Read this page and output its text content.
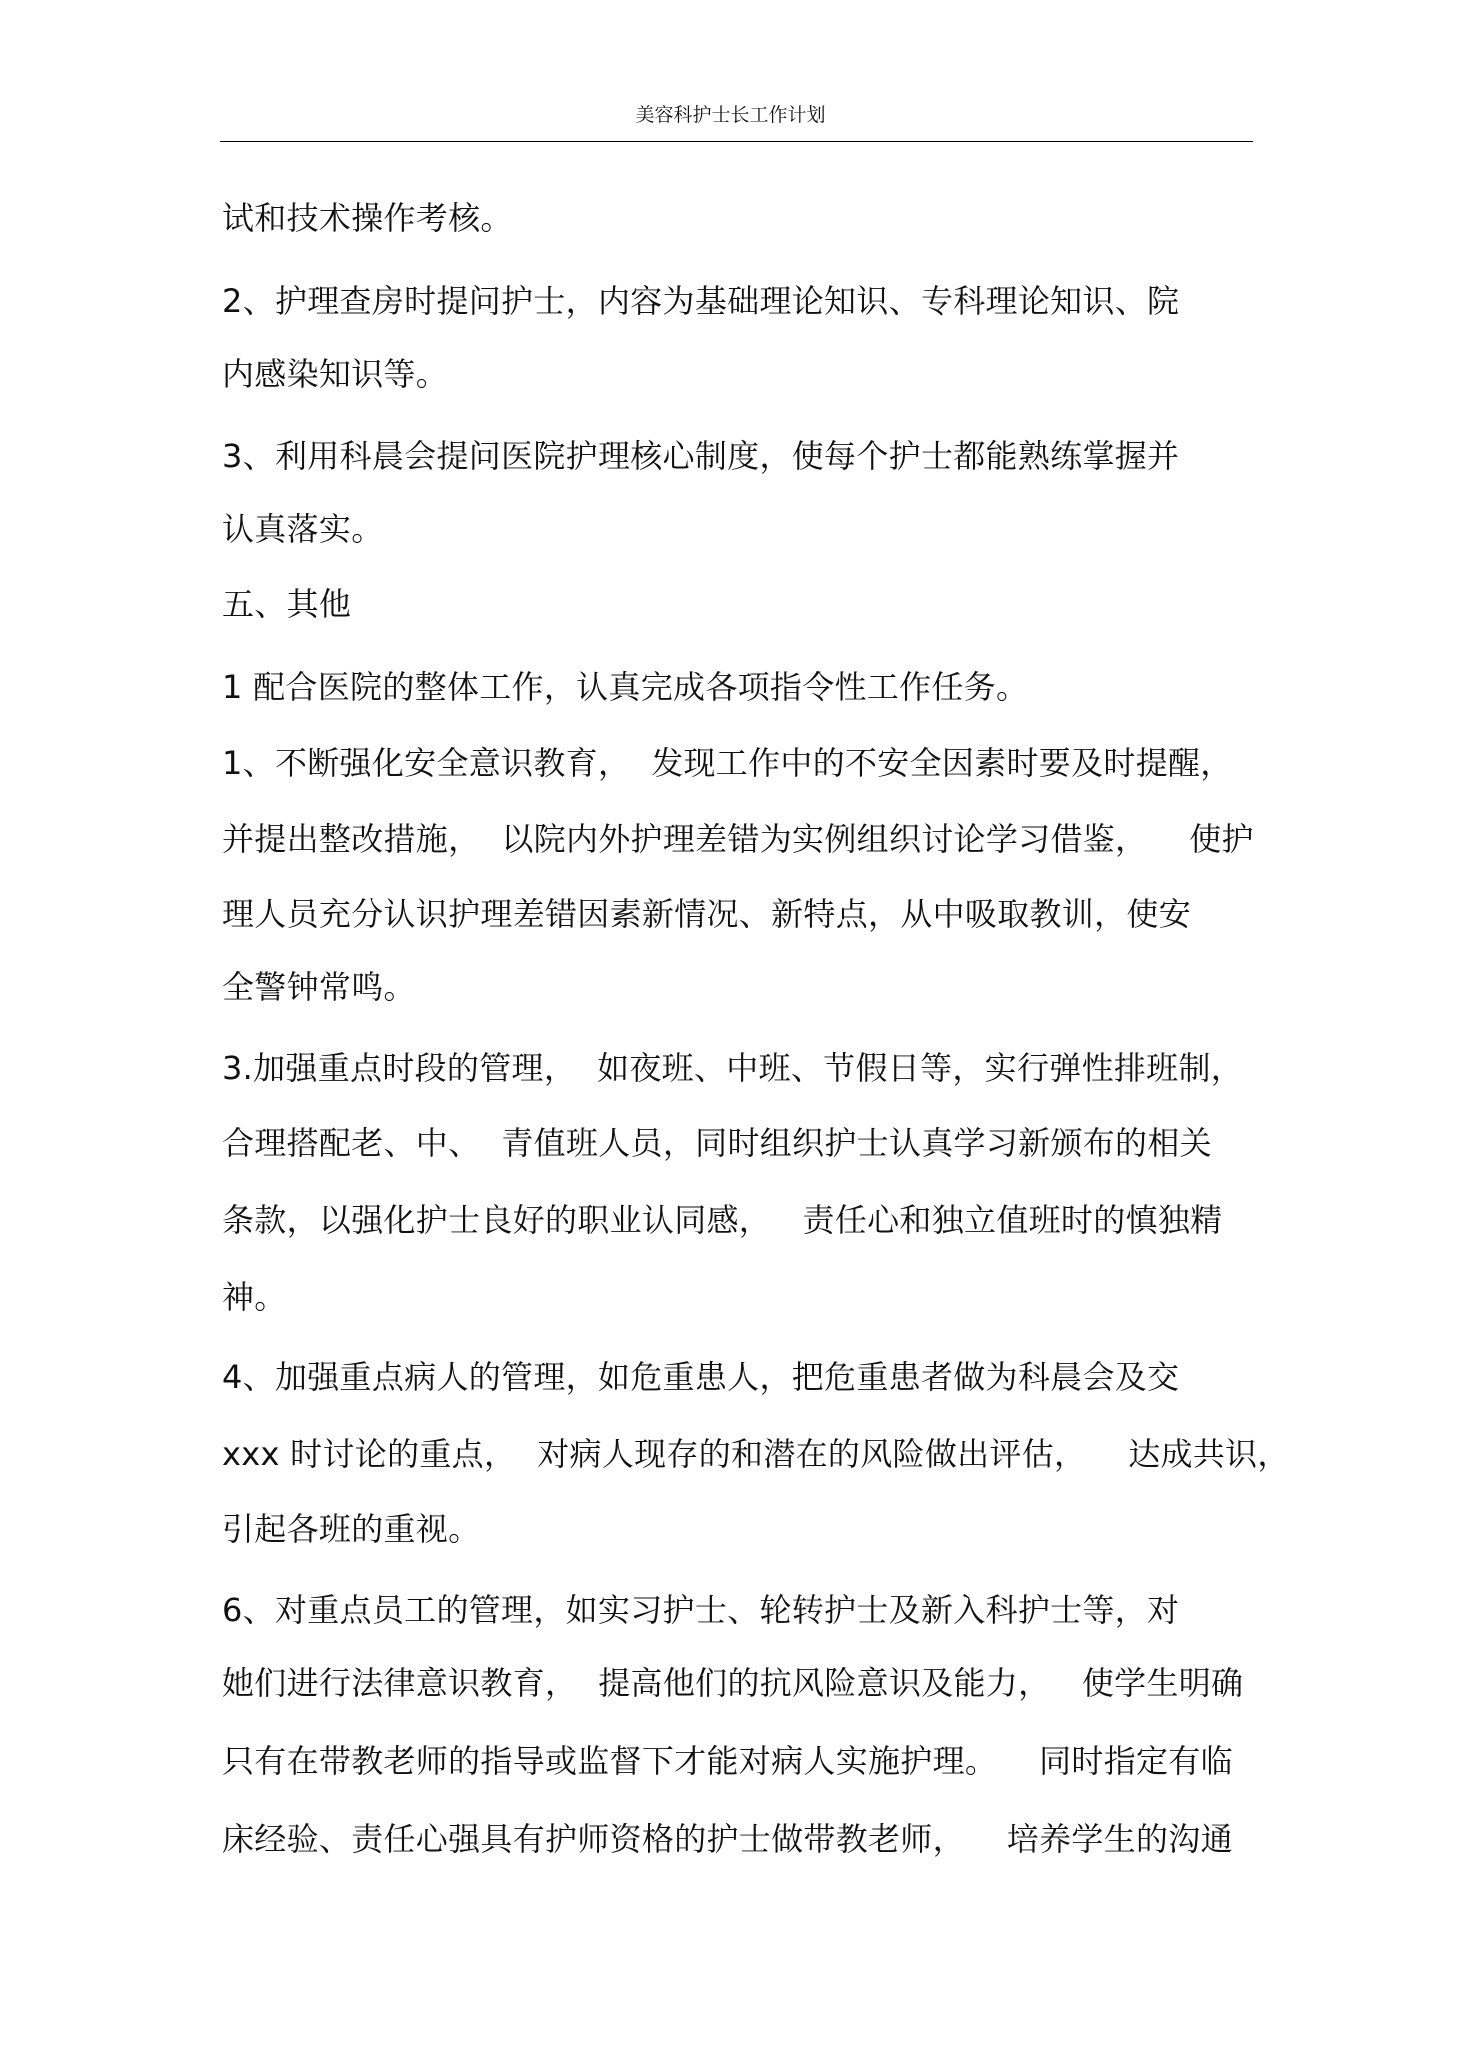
美容科护士长工作计划
试和技术操作考核。
2、护理查房时提问护士，内容为基础理论知识、专科理论知识、院
内感染知识等。
3、利用科晨会提问医院护理核心制度，使每个护士都能熟练掌握并
认真落实。
五、其他
1 配合医院的整体工作，认真完成各项指令性工作任务。
1、不断强化安全意识教育，  发现工作中的不安全因素时要及时提醒，
并提出整改措施，  以院内外护理差错为实例组织讨论学习借鉴，    使护
理人员充分认识护理差错因素新情况、新特点，从中吸取教训，使安
全警钟常鸣。
3.加强重点时段的管理，  如夜班、中班、节假日等，实行弹性排班制，
合理搭配老、中、  青值班人员，同时组织护士认真学习新颁布的相关
条款，以强化护士良好的职业认同感，   责任心和独立值班时的慎独精
神。
4、加强重点病人的管理，如危重患人，把危重患者做为科晨会及交
xxx 时讨论的重点，  对病人现存的和潜在的风险做出评估，    达成共识，
引起各班的重视。
6、对重点员工的管理，如实习护士、轮转护士及新入科护士等，对
她们进行法律意识教育，  提高他们的抗风险意识及能力，   使学生明确
只有在带教老师的指导或监督下才能对病人实施护理。    同时指定有临
床经验、责任心强具有护师资格的护士做带教老师，    培养学生的沟通
